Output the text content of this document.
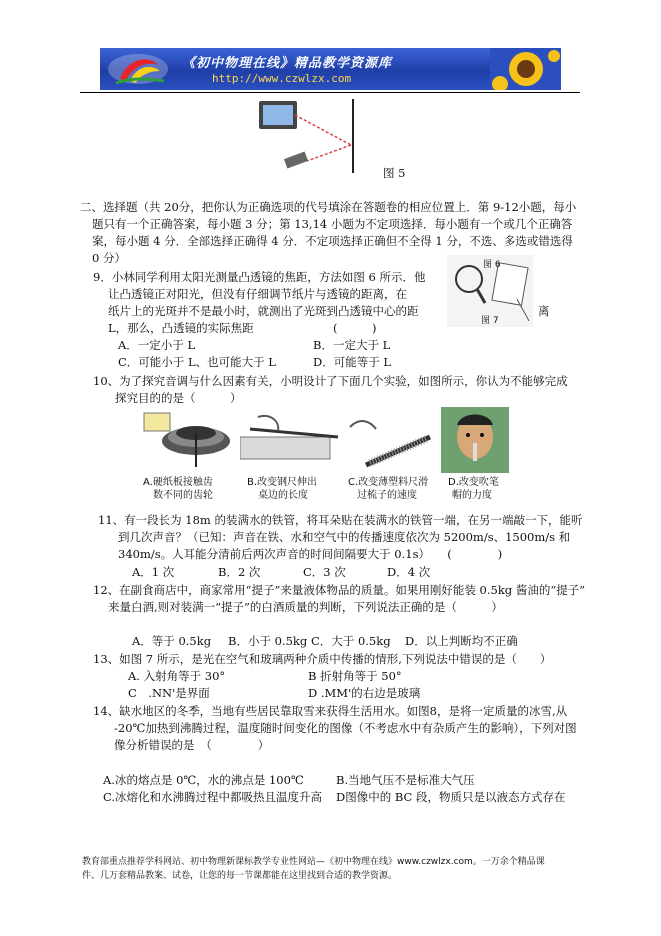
《初中物理在线》精品教学资源库
http://www.czwlzx.com
图 5
二、选择题（共 20分，把你认为正确选项的代号填涂在答题卷的相应位置上．第 9-12小题，每小
题只有一个正确答案，每小题 3 分；第 13,14 小题为不定项选择．每小题有一个或几个正确答
案，每小题 4 分．全部选择正确得 4 分．不定项选择正确但不全得 1 分，不选、多选或错选得
0 分）
9．小林同学利用太阳光测量凸透镜的焦距，方法如图 6 所示．他
让凸透镜正对阳光，但没有仔细调节纸片与透镜的距离，在
纸片上的光斑并不是最小时，就测出了光斑到凸透镜中心的距	离
L，那么，凸透镜的实际焦距	(　　　)
A．一定小于 L	B．一定大于 L
C．可能小于 L、也可能大于 L	D．可能等于 L
图 6
图 7
10、为了探究音调与什么因素有关，小明设计了下面几个实验，如图所示，你认为不能够完成
探究目的的是（　　　）
A.硬纸板接触齿
数不同的齿轮
B.改变钢尺伸出
桌边的长度
C.改变薄塑料尺滑
过梳子的速度
D.改变吹笔
帽的力度
11、有一段长为 18m 的装满水的铁管，将耳朵贴在装满水的铁管一端，在另一端敲一下，能听
到几次声音？（已知：声音在铁、水和空气中的传播速度依次为 5200m/s、1500m/s 和
340m/s。人耳能分清前后两次声音的时间间隔要大于 0.1s）　　(　　　　)
A．1 次	B．2 次	C．3 次	D．4 次
12、在副食商店中，商家常用“提子”来量液体物品的质量。如果用刚好能装 0.5kg 酱油的“提子”
来量白酒,则对装满一“提子”的白酒质量的判断，下列说法正确的是（　　　）
A．等于 0.5kg B．小于 0.5kg C．大于 0.5kg D．以上判断均不正确
13、如图 7 所示，是光在空气和玻璃两种介质中传播的情形,下列说法中错误的是（　　）
A. 入射角等于 30°	B 折射角等于 50°
C　.NN'是界面	D .MM'的右边是玻璃
14、缺水地区的冬季，当地有些居民靠取雪来获得生活用水。如图8，是将一定质量的冰雪,从
-20℃加热到沸腾过程，温度随时间变化的图像（不考虑水中有杂质产生的影响），下列对图
像分析错误的是　（　　　　）
A.冰的熔点是 0℃，水的沸点是 100℃	B.当地气压不是标准大气压
C.冰熔化和水沸腾过程中都吸热且温度升高 D图像中的 BC 段，物质只是以液态方式存在
教育部重点推荐学科网站、初中物理新课标教学专业性网站—《初中物理在线》www.czwlzx.com。一万余个精品课
件、几万套精品教案、试卷，让您的每一节课都能在这里找到合适的教学资源。
